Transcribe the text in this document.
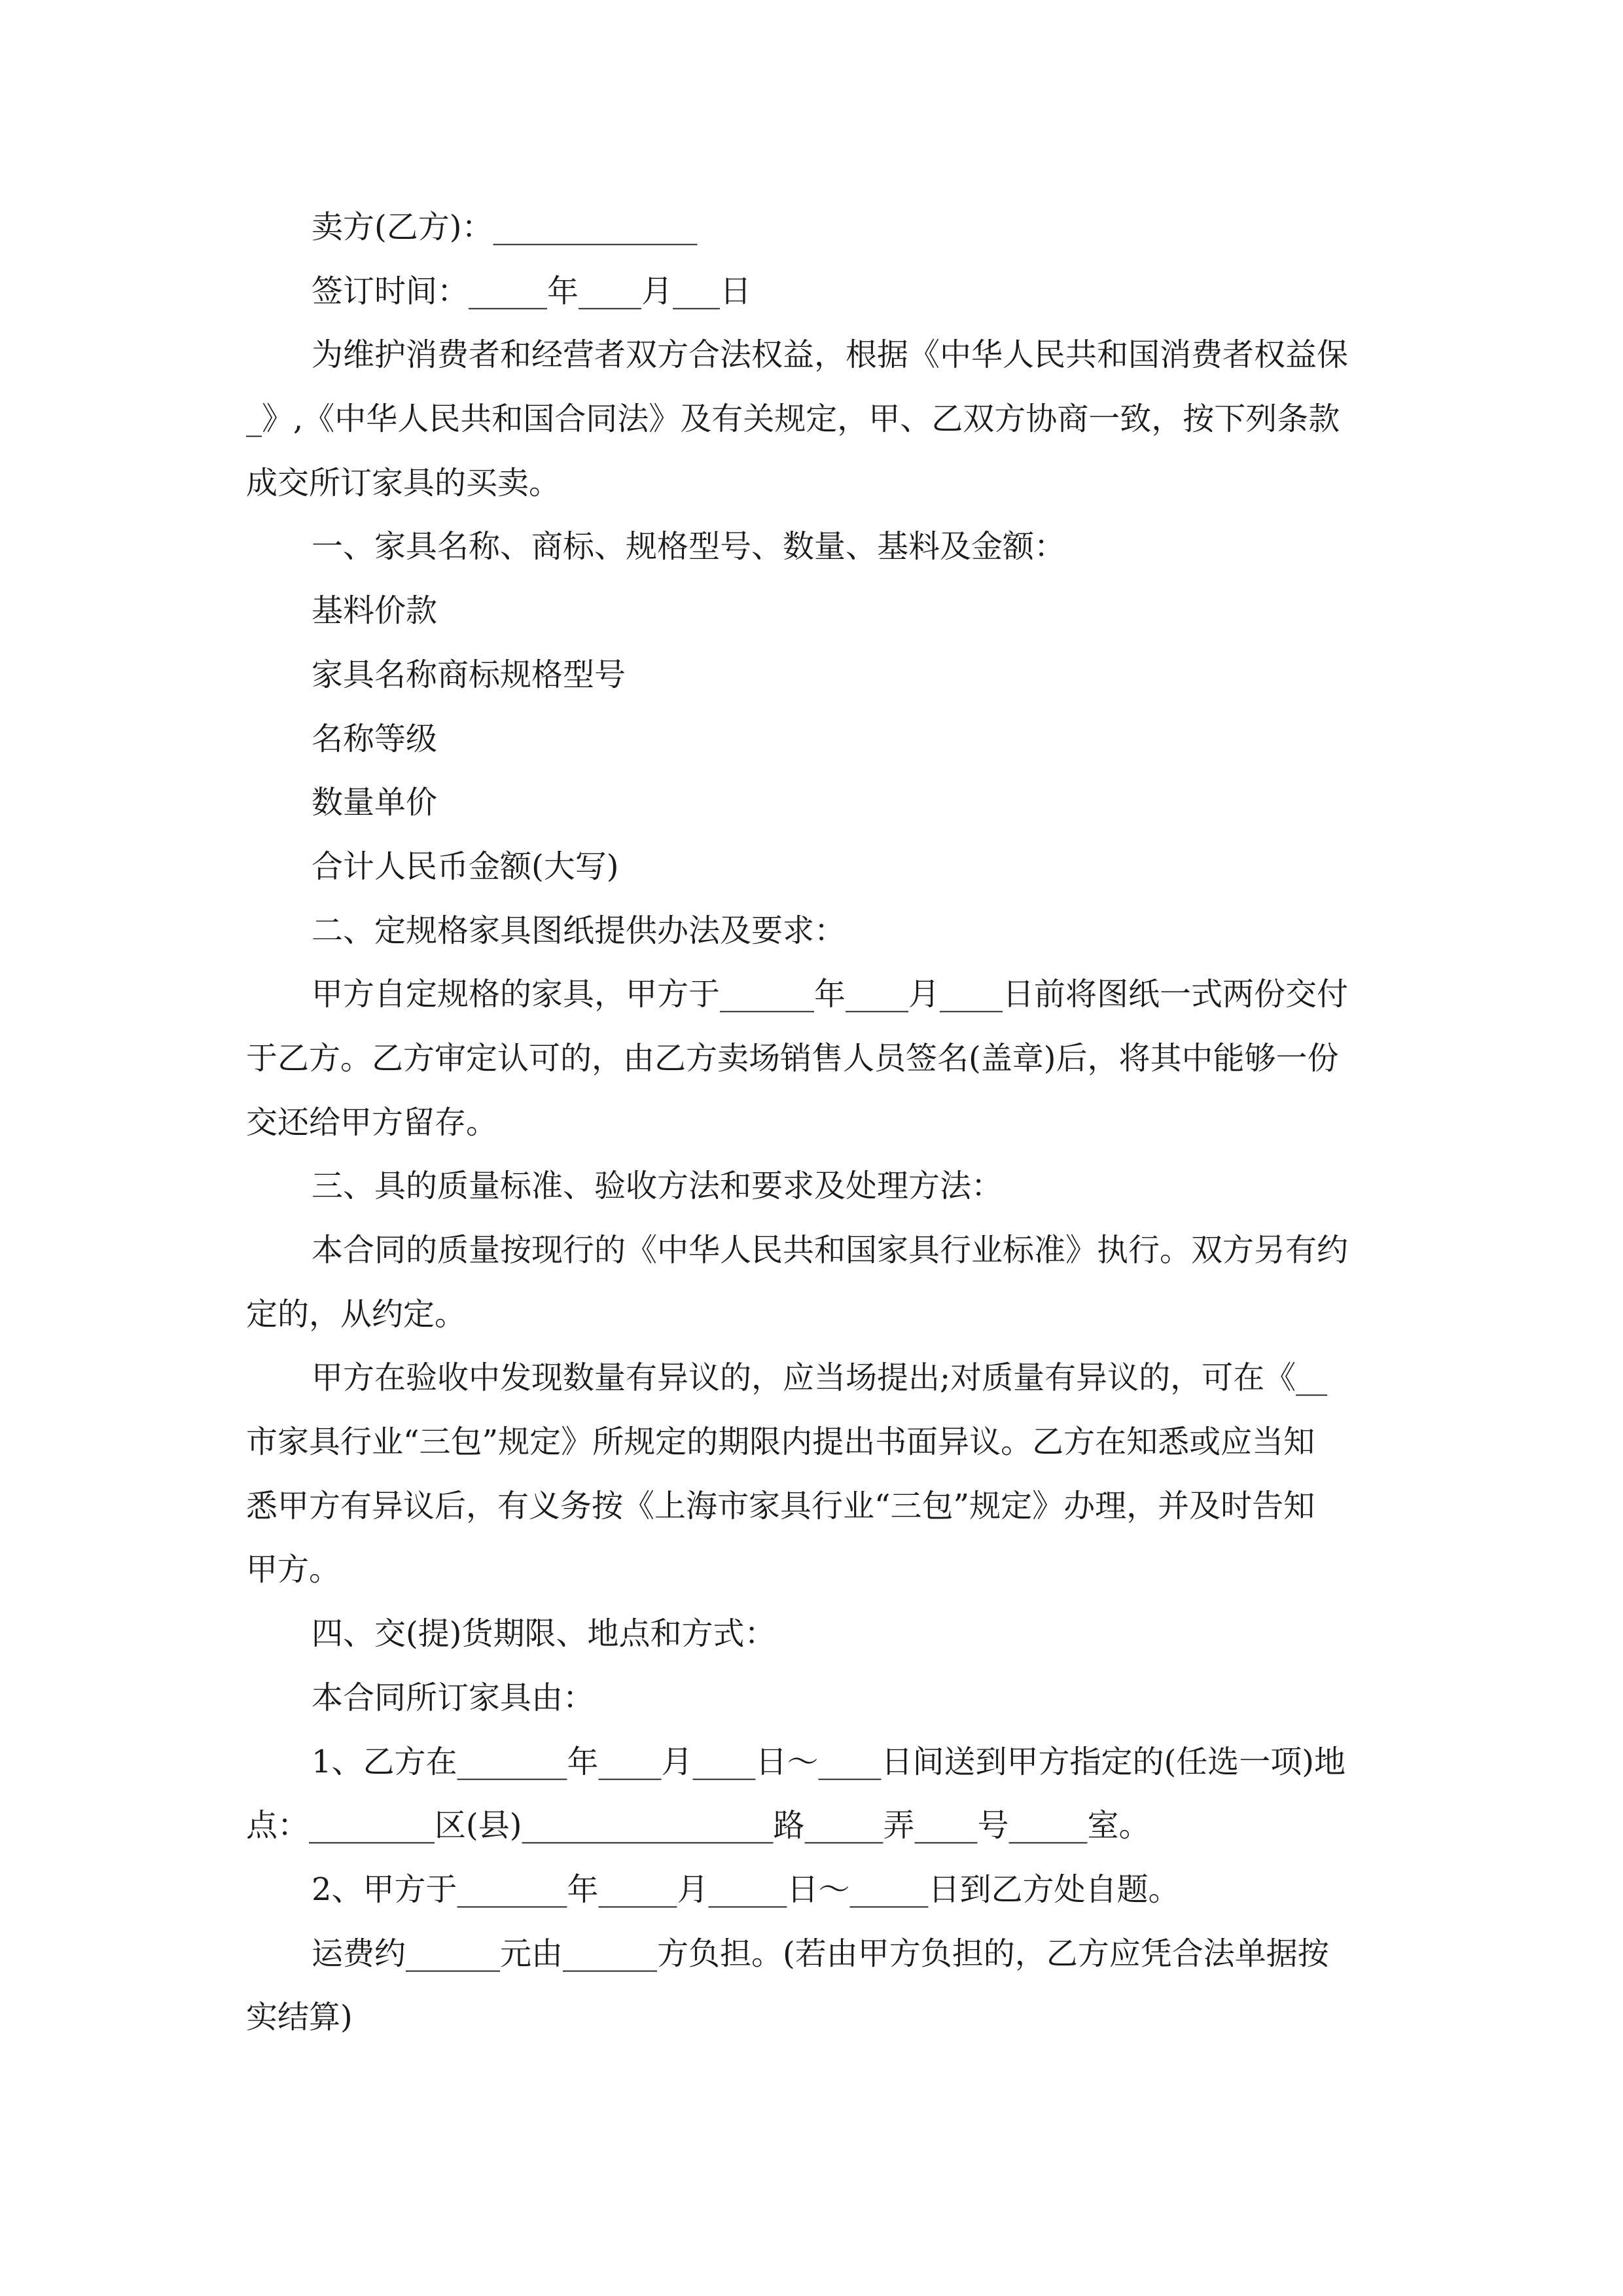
卖方(乙方)：_____________
签订时间：_____年____月___日
为维护消费者和经营者双方合法权益，根据《中华人民共和国消费者权益保
_》,《中华人民共和国合同法》及有关规定，甲、乙双方协商一致，按下列条款
成交所订家具的买卖。
一、家具名称、商标、规格型号、数量、基料及金额：
基料价款
家具名称商标规格型号
名称等级
数量单价
合计人民币金额(大写)
二、定规格家具图纸提供办法及要求：
甲方自定规格的家具，甲方于______年____月____日前将图纸一式两份交付
于乙方。乙方审定认可的，由乙方卖场销售人员签名(盖章)后，将其中能够一份
交还给甲方留存。
三、具的质量标准、验收方法和要求及处理方法：
本合同的质量按现行的《中华人民共和国家具行业标准》执行。双方另有约
定的，从约定。
甲方在验收中发现数量有异议的，应当场提出;对质量有异议的，可在《__
市家具行业“三包”规定》所规定的期限内提出书面异议。乙方在知悉或应当知
悉甲方有异议后，有义务按《上海市家具行业“三包”规定》办理，并及时告知
甲方。
四、交(提)货期限、地点和方式：
本合同所订家具由：
1、乙方在_______年____月____日～____日间送到甲方指定的(任选一项)地
点：________区(县)________________路_____弄____号_____室。
2、甲方于_______年_____月_____日～_____日到乙方处自题。
运费约______元由______方负担。(若由甲方负担的，乙方应凭合法单据按
实结算)
